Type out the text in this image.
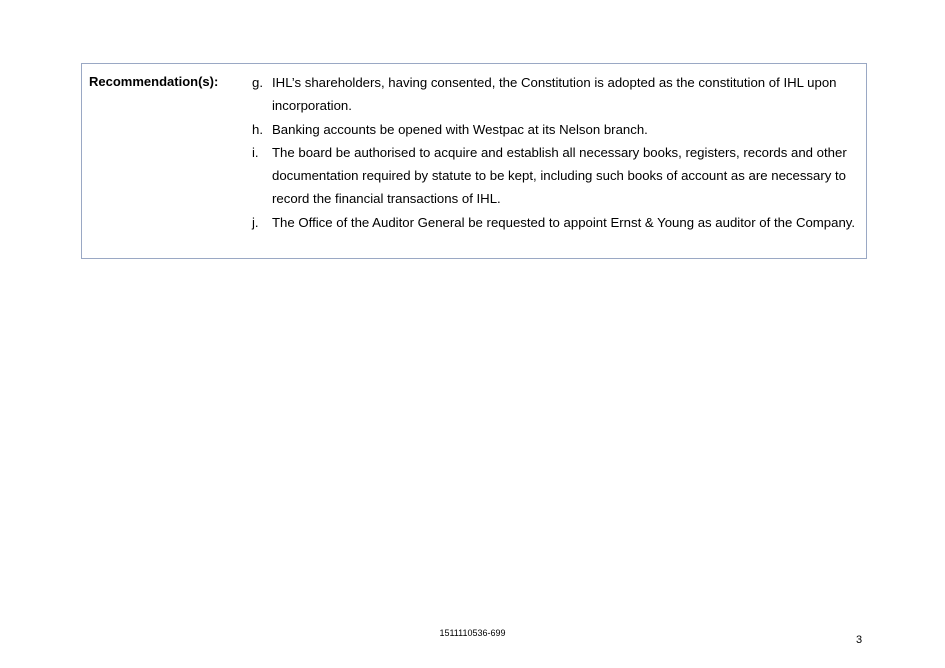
Recommendation(s):	g. IHL’s shareholders, having consented, the Constitution is adopted as the constitution of IHL upon incorporation.
h. Banking accounts be opened with Westpac at its Nelson branch.
i.	The board be authorised to acquire and establish all necessary books, registers, records and other documentation required by statute to be kept, including such books of account as are necessary to record the financial transactions of IHL.
j.	The Office of the Auditor General be requested to appoint Ernst & Young as auditor of the Company.
1511110536-699
3
